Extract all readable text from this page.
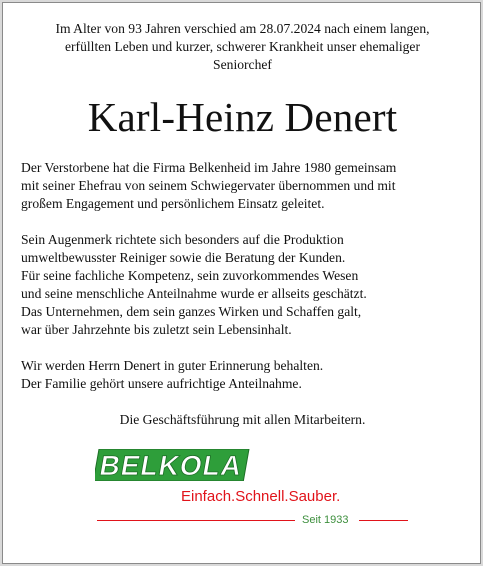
Im Alter von 93 Jahren verschied am 28.07.2024 nach einem langen,
erfüllten Leben und kurzer, schwerer Krankheit unser ehemaliger
Seniorchef
Karl-Heinz Denert
Der Verstorbene hat die Firma Belkenheid im Jahre 1980 gemeinsam
mit seiner Ehefrau von seinem Schwiegervater übernommen und mit
großem Engagement und persönlichem Einsatz geleitet.
Sein Augenmerk richtete sich besonders auf die Produktion
umweltbewusster Reiniger sowie die Beratung der Kunden.
Für seine fachliche Kompetenz, sein zuvorkommendes Wesen
und seine menschliche Anteilnahme wurde er allseits geschätzt.
Das Unternehmen, dem sein ganzes Wirken und Schaffen galt,
war über Jahrzehnte bis zuletzt sein Lebensinhalt.
Wir werden Herrn Denert in guter Erinnerung behalten.
Der Familie gehört unsere aufrichtige Anteilnahme.
Die Geschäftsführung mit allen Mitarbeitern.
BELKOLA
Einfach.Schnell.Sauber.
Seit 1933
